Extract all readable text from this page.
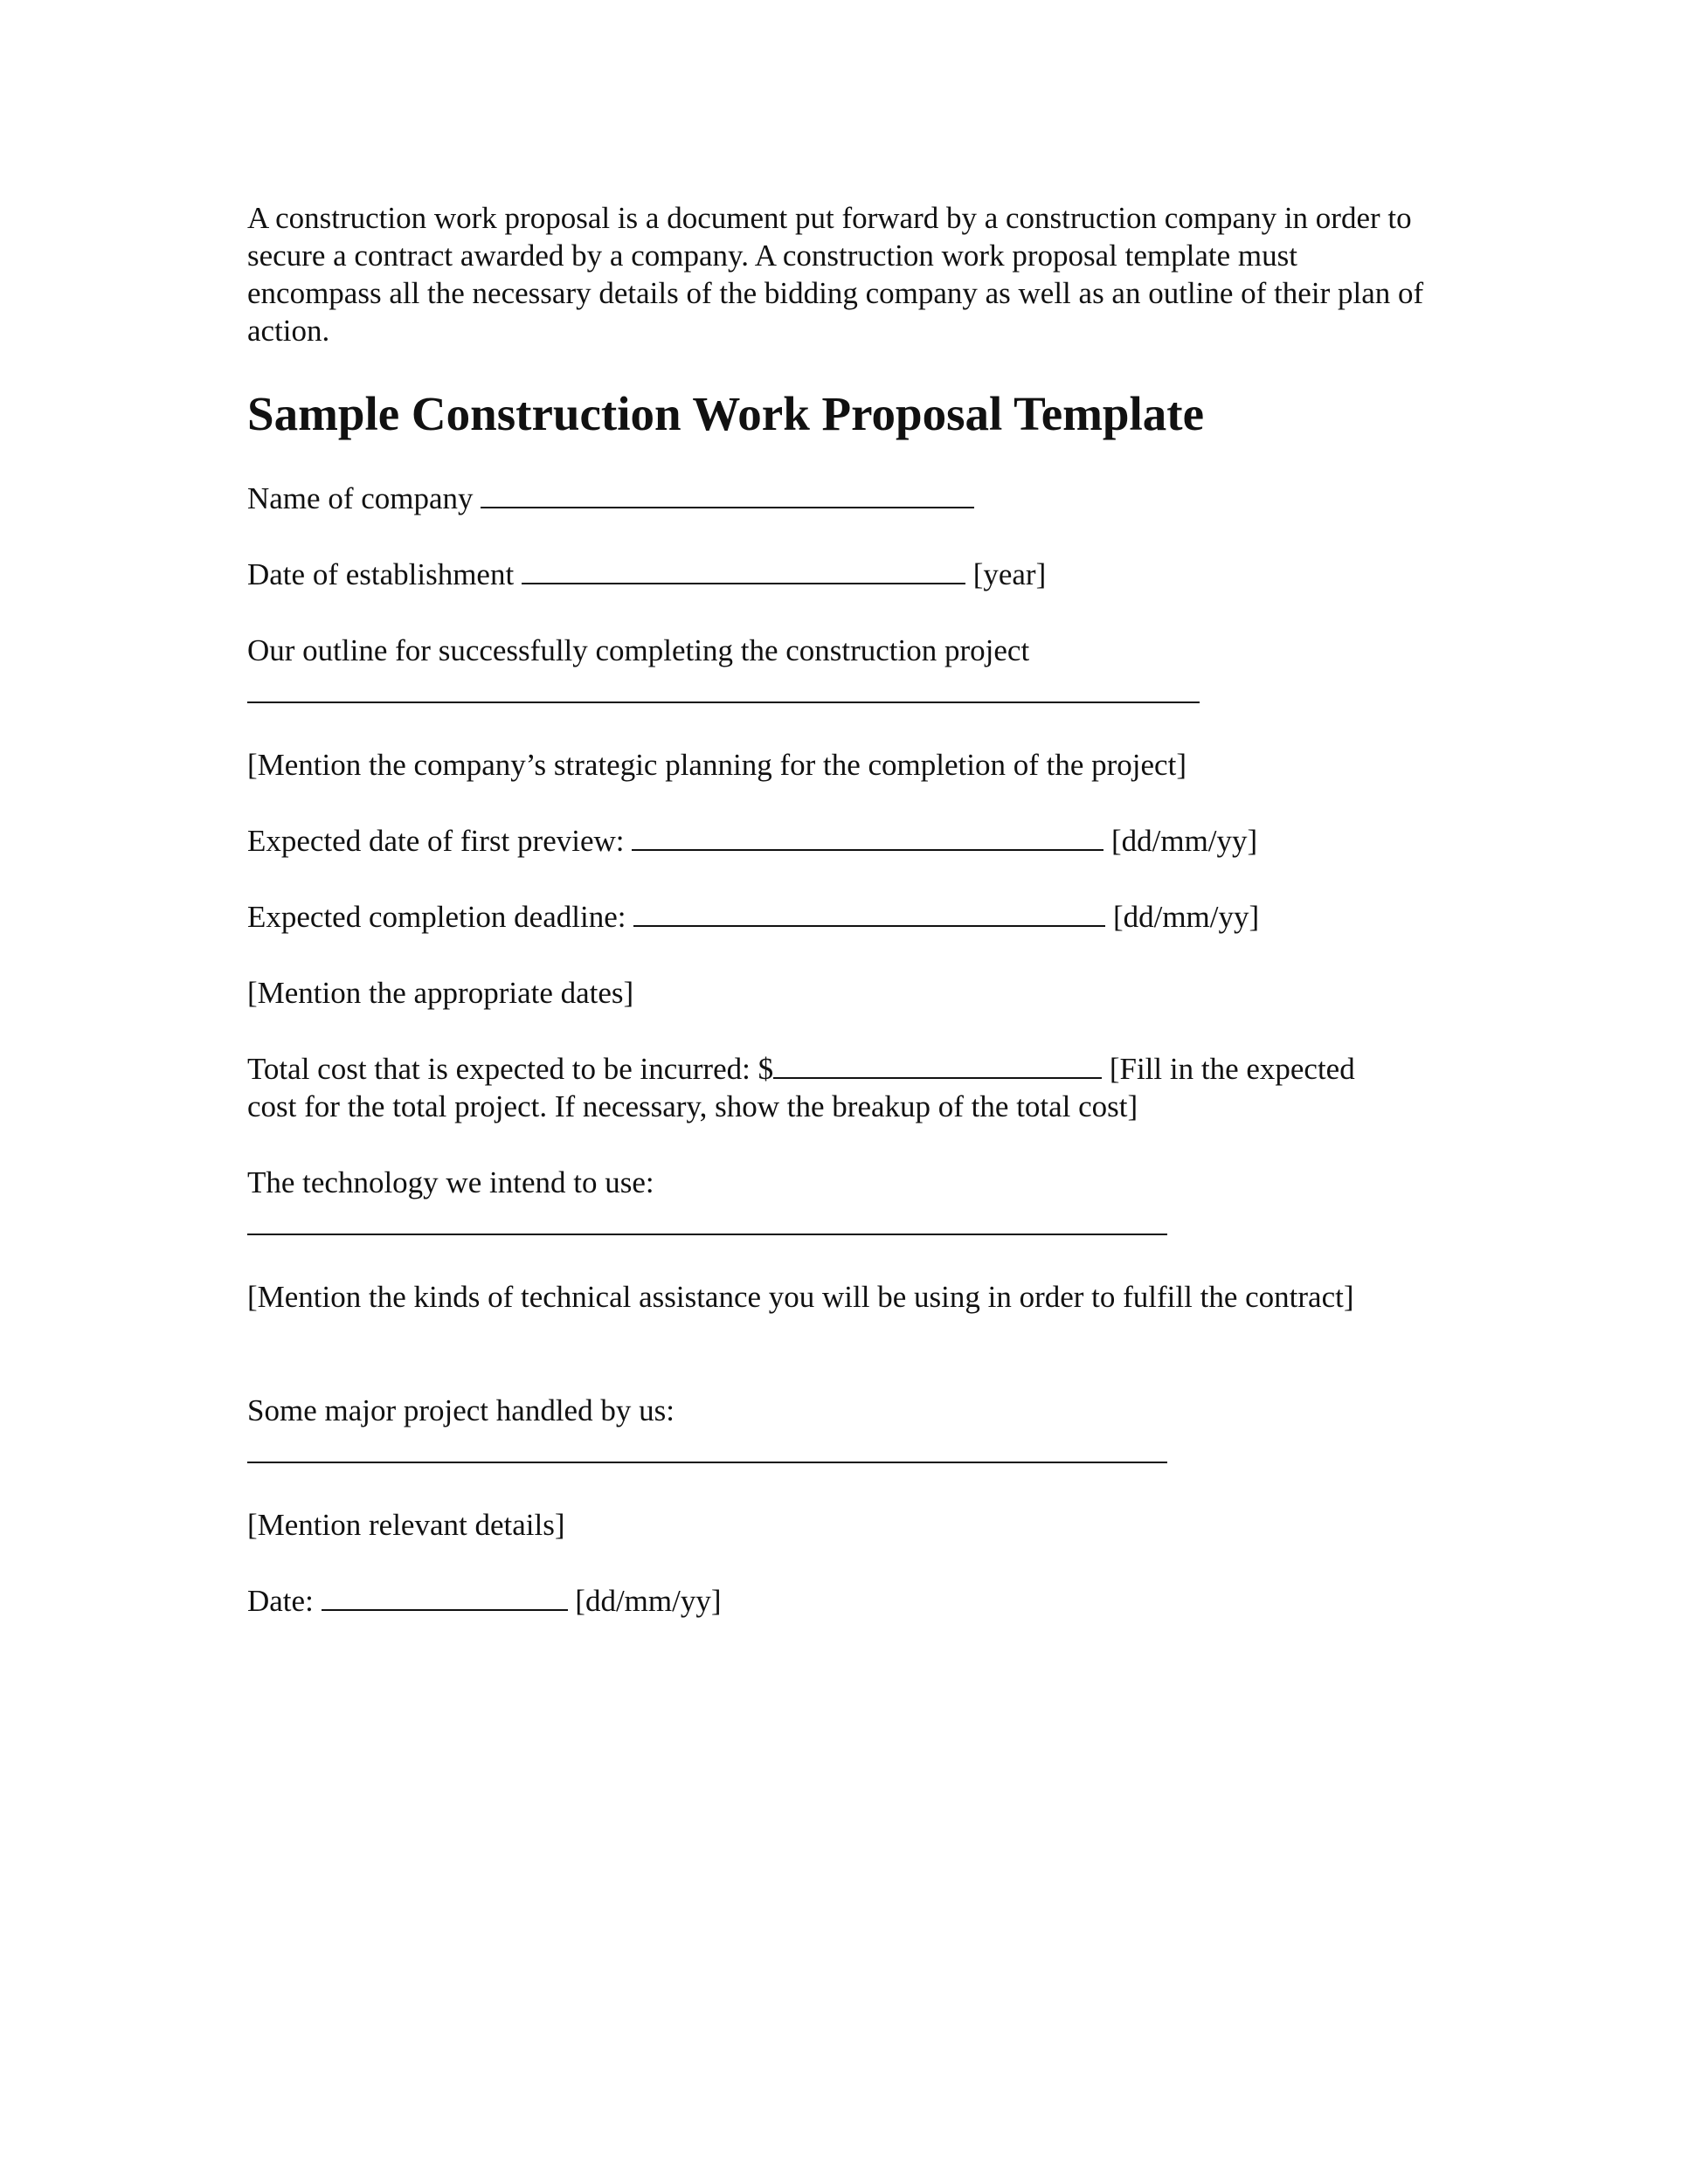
A construction work proposal is a document put forward by a construction company in order to secure a contract awarded by a company. A construction work proposal template must encompass all the necessary details of the bidding company as well as an outline of their plan of action.

Sample Construction Work Proposal Template
Name of company
Date of establishment	[year]
Our outline for successfully completing the construction project
[Mention the company’s strategic planning for the completion of the project]
Expected date of first preview:	[dd/mm/yy]
Expected completion deadline:	[dd/mm/yy]
[Mention the appropriate dates]
Total cost that is expected to be incurred: $	[Fill in the expected
cost for the total project. If necessary, show the breakup of the total cost]
The technology we intend to use:
[Mention the kinds of technical assistance you will be using in order to fulfill the contract]
Some major project handled by us:
[Mention relevant details]
Date:	[dd/mm/yy]
